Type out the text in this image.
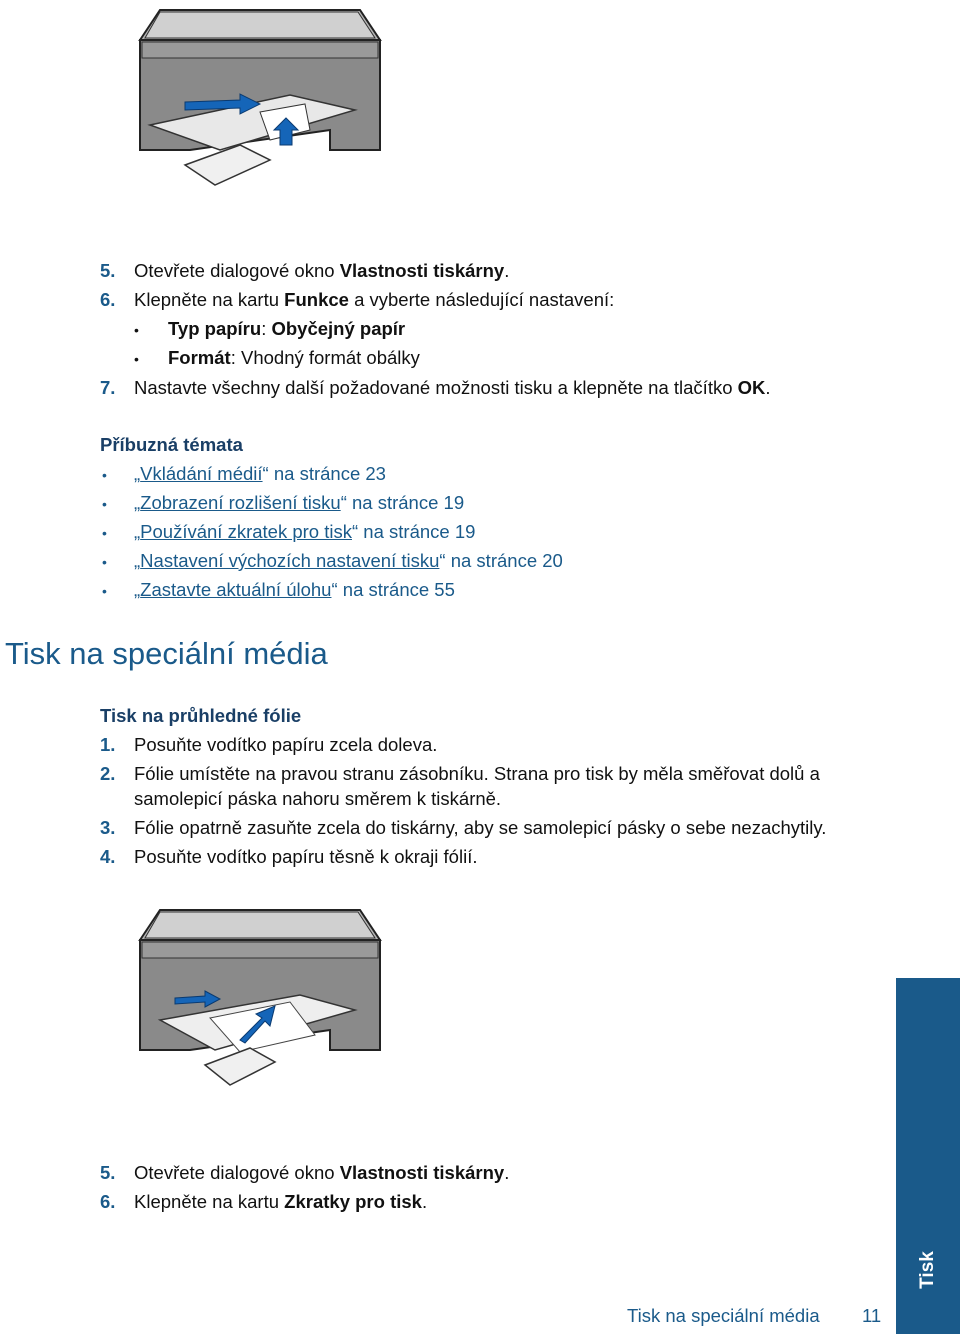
5. Otevřete dialogové okno Vlastnosti tiskárny.
6. Klepněte na kartu Funkce a vyberte následující nastavení:
• Typ papíru: Obyčejný papír
• Formát: Vhodný formát obálky
7. Nastavte všechny další požadované možnosti tisku a klepněte na tlačítko OK.
Příbuzná témata
• „Vkládání médií“ na stránce 23
• „Zobrazení rozlišení tisku“ na stránce 19
• „Používání zkratek pro tisk“ na stránce 19
• „Nastavení výchozích nastavení tisku“ na stránce 20
• „Zastavte aktuální úlohu“ na stránce 55
Tisk na speciální média
Tisk na průhledné fólie
1. Posuňte vodítko papíru zcela doleva.
2. Fólie umístěte na pravou stranu zásobníku. Strana pro tisk by měla směřovat dolů a
samolepicí páska nahoru směrem k tiskárně.
3. Fólie opatrně zasuňte zcela do tiskárny, aby se samolepicí pásky o sebe nezachytily.
4. Posuňte vodítko papíru těsně k okraji fólií.
5. Otevřete dialogové okno Vlastnosti tiskárny.
6. Klepněte na kartu Zkratky pro tisk.
Tisk
Tisk na speciální média 11
